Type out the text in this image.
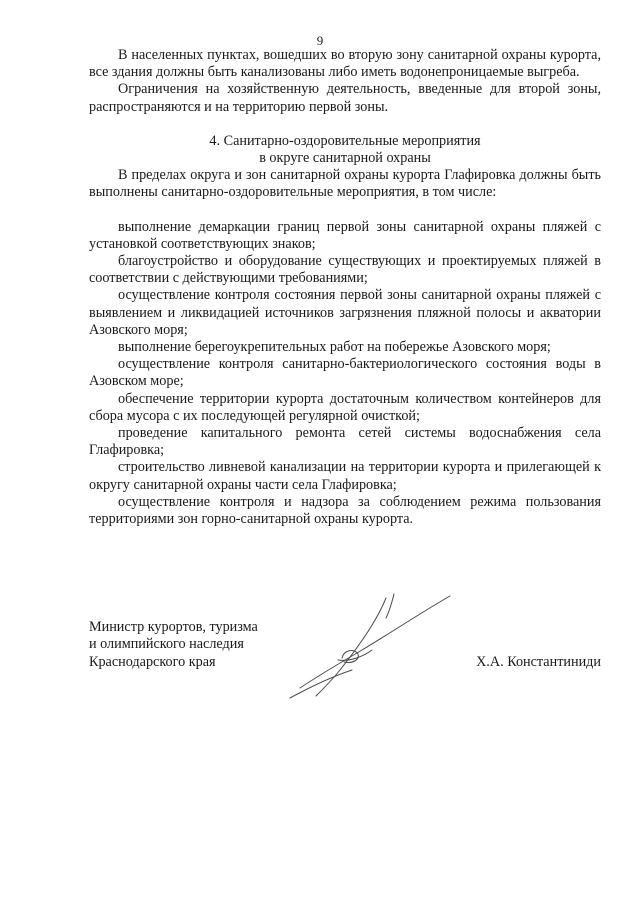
9

В населенных пунктах, вошедших во вторую зону санитарной охраны курорта, все здания должны быть канализованы либо иметь водонепроницаемые выгреба.

Ограничения на хозяйственную деятельность, введенные для второй зоны, распространяются и на территорию первой зоны.

4. Санитарно-оздоровительные мероприятия
в округе санитарной охраны

В пределах округа и зон санитарной охраны курорта Глафировка должны быть выполнены санитарно-оздоровительные мероприятия, в том числе:

выполнение демаркации границ первой зоны санитарной охраны пляжей с установкой соответствующих знаков;

благоустройство и оборудование существующих и проектируемых пляжей в соответствии с действующими требованиями;

осуществление контроля состояния первой зоны санитарной охраны пляжей с выявлением и ликвидацией источников загрязнения пляжной полосы и акватории Азовского моря;

выполнение берегоукрепительных работ на побережье Азовского моря;

осуществление контроля санитарно-бактериологического состояния воды в Азовском море;

обеспечение территории курорта достаточным количеством контейнеров для сбора мусора с их последующей регулярной очисткой;

проведение капитального ремонта сетей системы водоснабжения села Глафировка;

строительство ливневой канализации на территории курорта и прилегающей к округу санитарной охраны части села Глафировка;

осуществление контроля и надзора за соблюдением режима пользования территориями зон горно-санитарной охраны курорта.

Министр курортов, туризма
и олимпийского наследия
Краснодарского края	Х.А. Константиниди
